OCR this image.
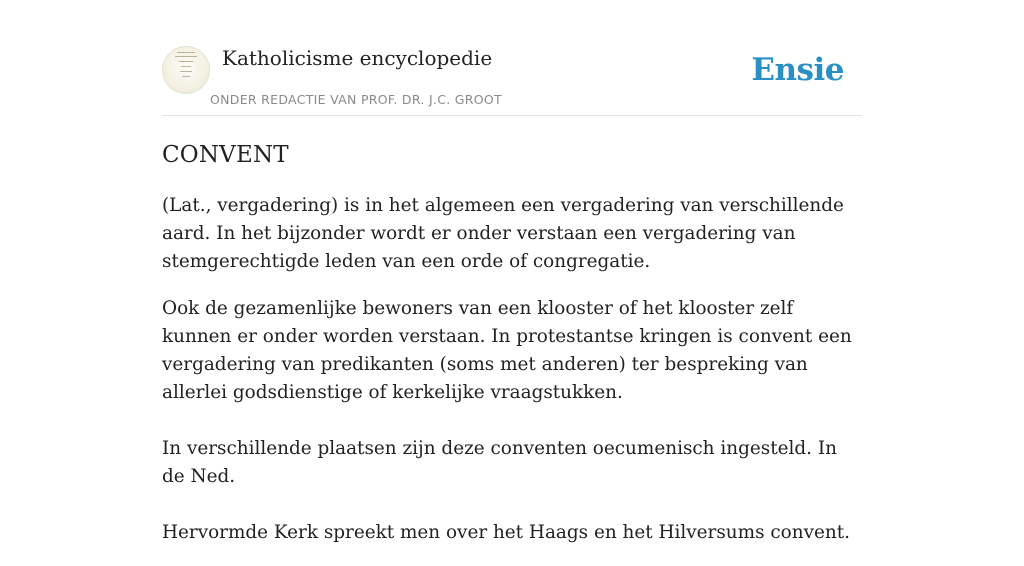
Katholicisme encyclopedie
ONDER REDACTIE VAN PROF. DR. J.C. GROOT
Ensie
CONVENT

(Lat., vergadering) is in het algemeen een vergadering van verschillende aard. In het bijzonder wordt er onder verstaan een vergadering van stemgerechtigde leden van een orde of congregatie.

Ook de gezamenlijke bewoners van een klooster of het klooster zelf kunnen er onder worden verstaan. In protestantse kringen is convent een vergadering van predikanten (soms met anderen) ter bespreking van allerlei godsdienstige of kerkelijke vraagstukken.

In verschillende plaatsen zijn deze conventen oecumenisch ingesteld. In de Ned.

Hervormde Kerk spreekt men over het Haags en het Hilversums convent.
